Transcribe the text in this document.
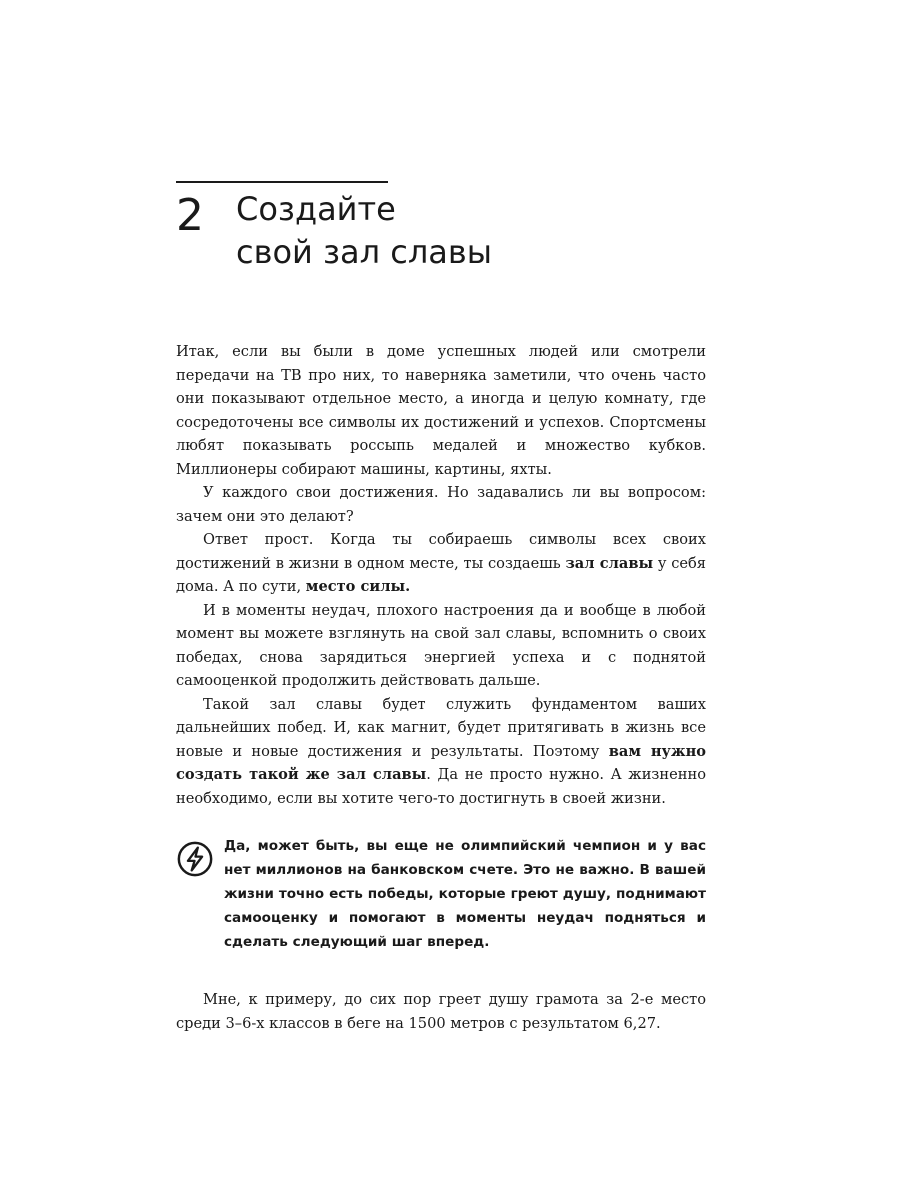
2 Создайте
свой зал славы

Итак, если вы были в доме успешных людей или смотрели передачи на ТВ про них, то наверняка заметили, что очень часто они показывают отдельное место, а иногда и целую комнату, где сосредоточены все символы их достижений и успехов. Спортсмены любят показывать россыпь медалей и множество кубков. Миллионеры собирают машины, картины, яхты.

У каждого свои достижения. Но задавались ли вы вопросом: зачем они это делают?

Ответ прост. Когда ты собираешь символы всех своих достижений в жизни в одном месте, ты создаешь зал славы у себя дома. А по сути, место силы.

И в моменты неудач, плохого настроения да и вообще в любой момент вы можете взглянуть на свой зал славы, вспомнить о своих победах, снова зарядиться энергией успеха и с поднятой самооценкой продолжить действовать дальше.

Такой зал славы будет служить фундаментом ваших дальнейших побед. И, как магнит, будет притягивать в жизнь все новые и новые достижения и результаты. Поэтому вам нужно создать такой же зал славы. Да не просто нужно. А жизненно необходимо, если вы хотите чего-то достигнуть в своей жизни.

Да, может быть, вы еще не олимпийский чемпион и у вас нет миллионов на банковском счете. Это не важно. В вашей жизни точно есть победы, которые греют душу, поднимают самооценку и помогают в моменты неудач подняться и сделать следующий шаг вперед.

Мне, к примеру, до сих пор греет душу грамота за 2-е место среди 3–6-х классов в беге на 1500 метров с результатом 6,27.
